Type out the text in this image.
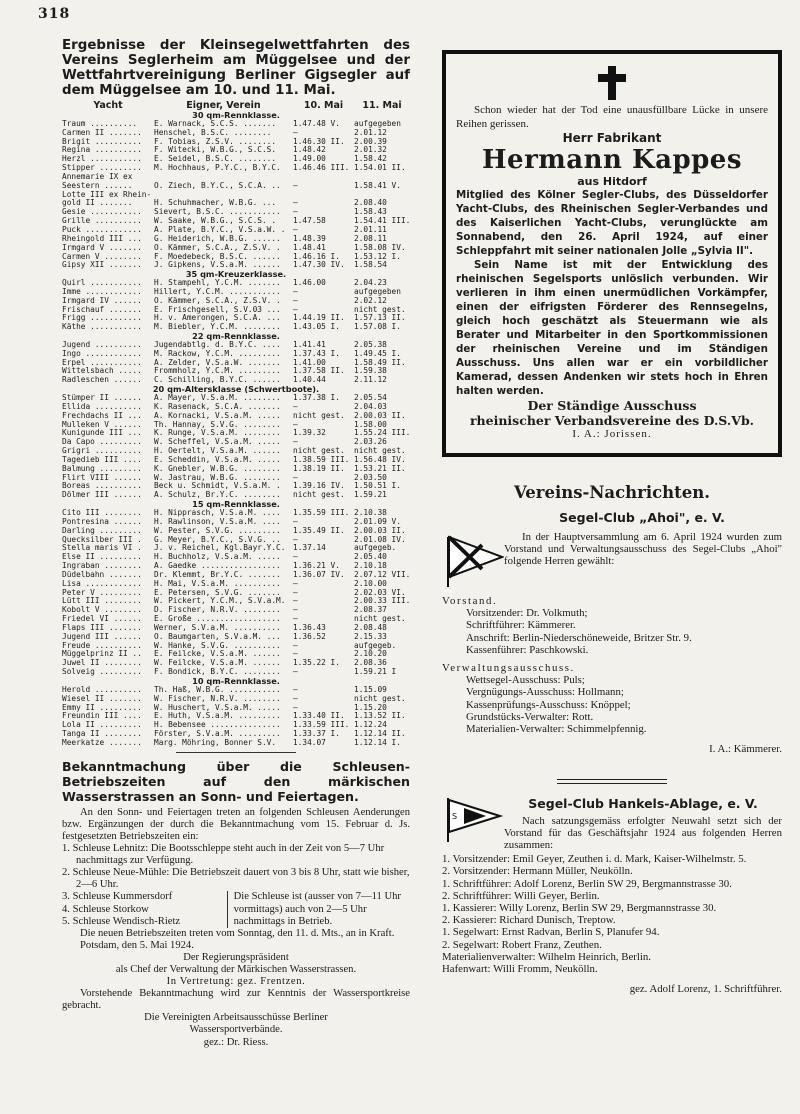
318
Ergebnisse der Kleinsegelwettfahrten des Vereins Seglerheim am Müggelsee und der Wettfahrtvereinigung Berliner Gigsegler auf dem Müggelsee am 10. und 11. Mai.
Yacht	Eigner, Verein	10. Mai	11. Mai
30 qm-Rennklasse.
Traum ..........	E. Warnack, S.C.S. .......	1.47.48 V.	aufgegeben
Carmen II .......	Henschel, B.S.C. ........	—	2.01.12
Brigit ..........	F. Tobias, Z.S.V. ........	1.46.30 II.	2.00.39
Regina ..........	F. Witecki, W.B.G., S.C.S.	1.48.42	2.01.32
Herzl ...........	E. Seidel, B.S.C. ........	1.49.00	1.58.42
Stipper .........	M. Hochhaus, P.Y.C., B.Y.C.	1.46.46 III. 1.54.01 II.
Annemarie IX ex
Seestern ......	O. Ziech, B.Y.C., S.C.A. ..	—	1.58.41 V.
Lotte III ex Rhein-
gold II .......	H. Schuhmacher, W.B.G. ...	—	2.08.40
Gesie ...........	Sievert, B.S.C. ...........	—	1.58.43
Grille ..........	W. Saake, W.B.G., S.C.S. .	1.47.58	1.54.41 III.
Puck ............	A. Plate, B.Y.C., V.S.a.W. . —	2.01.11
Rheingold III ...	G. Heiderich, W.B.G. ......	1.48.39	2.08.11
Irmgard V .......	O. Kämmer, S.C.A., Z.S.V. .	1.48.41	1.58.08 IV.
Carmen V ........	F. Moedebeck, B.S.C. ......	1.46.16 I.	1.53.12 I.
Gipsy XII .......	J. Gipkens, V.S.a.M. ......	1.47.30 IV.	1.58.54
35 qm-Kreuzerklasse.
Quirl ...........	H. Stampehl, Y.C.M. .......	1.46.00	2.04.23
Imme ............	Hillert, Y.C.M. ...........	—	aufgegeben
Irmgard IV ......	O. Kämmer, S.C.A., Z.S.V. .	—	2.02.12
Frischauf .......	E. Frischgesell, S.V.03 ...	—	nicht gest.
Frigg ...........	H. v. Amerongen, S.C.A. ...	1.44.19 II.	1.57.13 II.
Käthe ...........	M. Biebler, Y.C.M. ........	1.43.05 I.	1.57.08 I.
22 qm-Rennklasse.
Jugend ..........	Jugendabtlg. d. B.Y.C. ....	1.41.41	2.05.38
Ingo ............	M. Rackow, Y.C.M. .........	1.37.43 I.	1.49.45 I.
Erpel ...........	A. Zelder, V.S.a.W. .......	1.41.00	1.58.49 II.
Wittelsbach .....	Frommholz, Y.C.M. .........	1.37.58 II.	1.59.38
Radleschen ......	C. Schilling, B.Y.C. ......	1.40.44	2.11.12
20 qm-Altersklasse (Schwertboote).
Stümper II ......	A. Mayer, V.S.a.M. ........	1.37.38 I.	2.05.54
Ellida ..........	K. Rasenack, S.C.A. .......	—	2.04.03
Frechdachs II ...	A. Kornacki, V.S.a.M. .....	nicht gest.	2.00.03 II.
Mulleken V ......	Th. Hannay, S.V.G. ........	—	1.58.00
Kunigunde III ...	K. Runge, V.S.a.M. ........	1.39.32	1.55.24 III.
Da Capo .........	W. Scheffel, V.S.a.M. .....	—	2.03.26
Grigri ..........	H. Oertelt, V.S.a.M. ......	nicht gest.	nicht gest.
Tagedieb III ....	E. Scheddin, V.S.a.M. .....	1.38.59 III. 1.56.48 IV.
Balmung .........	K. Gnebler, W.B.G. ........	1.38.19 II.	1.53.21 II.
Flirt VIII ......	W. Jastrau, W.B.G. ........	—	2.03.50
Boreas ..........	Beck u. Schmidt, V.S.a.M. .	1.39.16 IV.	1.50.51 I.
Dölmer III ......	A. Schulz, Br.Y.C. ........	nicht gest.	1.59.21
15 qm-Rennklasse.
Cito III ........	H. Nipprasch, V.S.a.M. ....	1.35.59 III. 2.10.38
Pontresina ......	H. Rawlinson, V.S.a.M. ....	—	2.01.09 V.
Darling .........	W. Pester, S.V.G. .........	1.35.49 II.	2.00.03 II.
Quecksilber III .	G. Meyer, B.Y.C., S.V.G. ..	—	2.01.08 IV.
Stella maris VI .	J. v. Reichel, Kgl.Bayr.Y.C. 1.37.14	aufgegeb.
Else II .........	H. Buchholz, V.S.a.M. .....	—	2.05.40
Ingraban ........	A. Gaedke .................	1.36.21 V.	2.10.18
Düdelbahn .......	Dr. Klemmt, Br.Y.C. .......	1.36.07 IV.	2.07.12 VII.
Lisa ............	H. Mai, V.S.a.M. ..........	—	2.10.00
Peter V .........	E. Petersen, S.V.G. .......	—	2.02.03 VI.
Lütt III ........	W. Pickert, Y.C.M., S.V.a.M. —	2.00.33 III.
Kobolt V ........	D. Fischer, N.R.V. ........	—	2.08.37
Friedel VI ......	E. Große ..................	—	nicht gest.
Flaps III .......	Werner, S.V.a.M. ..........	1.36.43	2.08.48
Jugend III ......	O. Baumgarten, S.V.a.M. ...	1.36.52	2.15.33
Freude ..........	W. Hanke, S.V.G. ..........	—	aufgegeb.
Müggelprinz II ..	E. Feilcke, V.S.a.M. ......	—	2.10.20
Juwel II ........	W. Feilcke, V.S.a.M. ......	1.35.22 I.	2.08.36
Solveig .........	F. Bondick, B.Y.C. ........	—	1.59.21 I
10 qm-Rennklasse.
Herold ..........	Th. Haß, W.B.G. ...........	—	1.15.09
Wiesel II .......	W. Fischer, N.R.V. ........	—	nicht gest.
Emmy II .........	W. Huschert, V.S.a.M. .....	—	1.15.20
Freundin III ....	E. Huth, V.S.a.M. .........	1.33.40 II.	1.13.52 II.
Lola II .........	H. Bebensee ...............	1.33.59 III. 1.12.24
Tanga II ........	Förster, S.V.a.M. .........	1.33.37 I.	1.12.14 II.
Meerkatze .......	Marg. Möhring, Bonner S.V.	1.34.07	1.12.14 I.
Bekanntmachung über die Schleusen-Betriebszeiten auf den märkischen Wasserstrassen an Sonn- und Feiertagen.

An den Sonn- und Feiertagen treten an folgenden Schleusen Aenderungen bzw. Ergänzungen der durch die Bekanntmachung vom 15. Februar d. Js. festgesetzten Betriebszeiten ein:

1. Schleuse Lehnitz: Die Bootsschleppe steht auch in der Zeit von 5—7 Uhr nachmittags zur Verfügung.

2. Schleuse Neue-Mühle: Die Betriebszeit dauert von 3 bis 8 Uhr, statt wie bisher, 2—6 Uhr.

3. Schleuse Kummersdorf

4. Schleuse Storkow

5. Schleuse Wendisch-Rietz

Die Schleuse ist (ausser von 7—11 Uhr vormittags) auch von 2—5 Uhr nachmittags in Betrieb.

Die neuen Betriebszeiten treten vom Sonntag, den 11. d. Mts., an in Kraft.

Potsdam, den 5. Mai 1924.

Der Regierungspräsident

als Chef der Verwaltung der Märkischen Wasserstrassen.

In Vertretung: gez. Frentzen.

Vorstehende Bekanntmachung wird zur Kenntnis der Wassersportkreise gebracht.

Die Vereinigten Arbeitsausschüsse Berliner

Wassersportverbände.

gez.: Dr. Riess.

Schon wieder hat der Tod eine unausfüllbare Lücke in unsere Reihen gerissen.

Herr Fabrikant

Hermann Kappes

aus Hitdorf

Mitglied des Kölner Segler-Clubs, des Düsseldorfer Yacht-Clubs, des Rheinischen Segler-Verbandes und des Kaiserlichen Yacht-Clubs, verunglückte am Sonnabend, den 26. April 1924, auf einer Schleppfahrt mit seiner nationalen Jolle „Sylvia II".

Sein Name ist mit der Entwicklung des rheinischen Segelsports unlöslich verbunden. Wir verlieren in ihm einen unermüdlichen Vorkämpfer, einen der eifrigsten Förderer des Rennsegelns, gleich hoch geschätzt als Steuermann wie als Berater und Mitarbeiter in den Sportkommissionen der rheinischen Vereine und im Ständigen Ausschuss. Uns allen war er ein vorbildlicher Kamerad, dessen Andenken wir stets hoch in Ehren halten werden.

Der Ständige Ausschuss

rheinischer Verbandsvereine des D.S.Vb.

I. A.: Jorissen.

Vereins-Nachrichten.
Segel-Club „Ahoi", e. V.

In der Hauptversammlung am 6. April 1924 wurden zum Vorstand und Verwaltungsausschuss des Segel-Clubs „Ahoi" folgende Herren gewählt:

Vorstand.

Vorsitzender: Dr. Volkmuth;

Schriftführer: Kämmerer.

Anschrift: Berlin-Niederschöneweide, Britzer Str. 9.

Kassenführer: Paschkowski.

Verwaltungsausschuss.

Wettsegel-Ausschuss: Puls;

Vergnügungs-Ausschuss: Hollmann;

Kassenprüfungs-Ausschuss: Knöppel;

Grundstücks-Verwalter: Rott.

Materialien-Verwalter: Schimmelpfennig.

I. A.: Kämmerer.
S
Segel-Club Hankels-Ablage, e. V.

Nach satzungsgemäss erfolgter Neuwahl setzt sich der Vorstand für das Geschäftsjahr 1924 aus folgenden Herren zusammen:

1. Vorsitzender: Emil Geyer, Zeuthen i. d. Mark, Kaiser-Wilhelmstr. 5.

2. Vorsitzender: Hermann Müller, Neukölln.

1. Schriftführer: Adolf Lorenz, Berlin SW 29, Bergmannstrasse 30.

2. Schriftführer: Willi Geyer, Berlin.

1. Kassierer: Willy Lorenz, Berlin SW 29, Bergmannstrasse 30.

2. Kassierer: Richard Dunisch, Treptow.

1. Segelwart: Ernst Radvan, Berlin S, Planufer 94.

2. Segelwart: Robert Franz, Zeuthen.

Materialienverwalter: Wilhelm Heinrich, Berlin.

Hafenwart: Willi Fromm, Neukölln.

gez. Adolf Lorenz, 1. Schriftführer.
